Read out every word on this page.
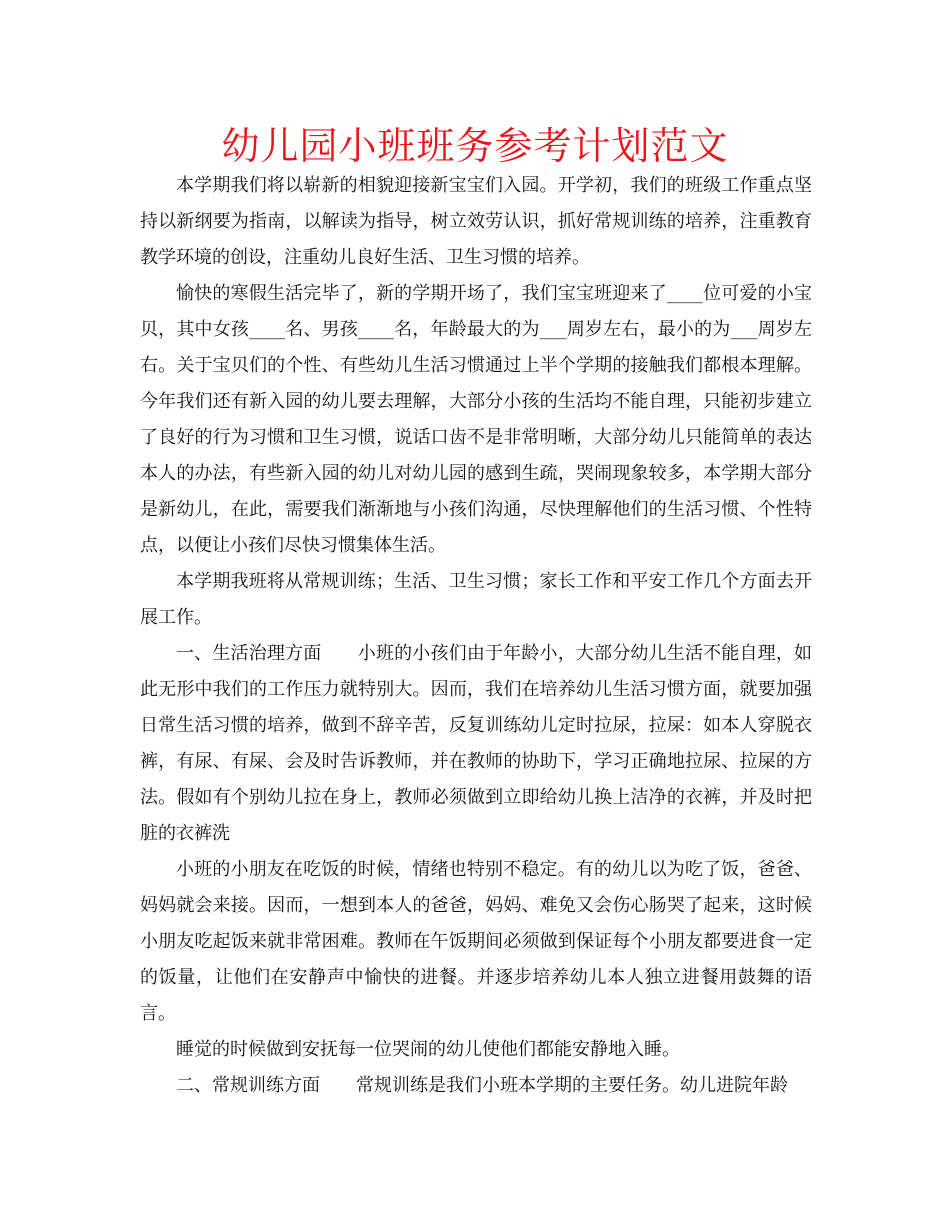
幼儿园小班班务参考计划范文

本学期我们将以崭新的相貌迎接新宝宝们入园。开学初，我们的班级工作重点坚持以新纲要为指南，以解读为指导，树立效劳认识，抓好常规训练的培养，注重教育教学环境的创设，注重幼儿良好生活、卫生习惯的培养。

愉快的寒假生活完毕了，新的学期开场了，我们宝宝班迎来了____位可爱的小宝贝，其中女孩____名、男孩____名，年龄最大的为___周岁左右，最小的为___周岁左右。关于宝贝们的个性、有些幼儿生活习惯通过上半个学期的接触我们都根本理解。今年我们还有新入园的幼儿要去理解，大部分小孩的生活均不能自理，只能初步建立了良好的行为习惯和卫生习惯，说话口齿不是非常明晰，大部分幼儿只能简单的表达本人的办法，有些新入园的幼儿对幼儿园的感到生疏，哭闹现象较多，本学期大部分是新幼儿，在此，需要我们渐渐地与小孩们沟通，尽快理解他们的生活习惯、个性特点，以便让小孩们尽快习惯集体生活。

本学期我班将从常规训练；生活、卫生习惯；家长工作和平安工作几个方面去开展工作。

一、生活治理方面　　小班的小孩们由于年龄小，大部分幼儿生活不能自理，如此无形中我们的工作压力就特别大。因而，我们在培养幼儿生活习惯方面，就要加强日常生活习惯的培养，做到不辞辛苦，反复训练幼儿定时拉尿，拉屎：如本人穿脱衣裤，有尿、有屎、会及时告诉教师，并在教师的协助下，学习正确地拉尿、拉屎的方法。假如有个别幼儿拉在身上，教师必须做到立即给幼儿换上洁净的衣裤，并及时把脏的衣裤洗

小班的小朋友在吃饭的时候，情绪也特别不稳定。有的幼儿以为吃了饭，爸爸、妈妈就会来接。因而，一想到本人的爸爸，妈妈、难免又会伤心肠哭了起来，这时候小朋友吃起饭来就非常困难。教师在午饭期间必须做到保证每个小朋友都要进食一定的饭量，让他们在安静声中愉快的进餐。并逐步培养幼儿本人独立进餐用鼓舞的语言。

睡觉的时候做到安抚每一位哭闹的幼儿使他们都能安静地入睡。

二、常规训练方面　　常规训练是我们小班本学期的主要任务。幼儿进院年龄
